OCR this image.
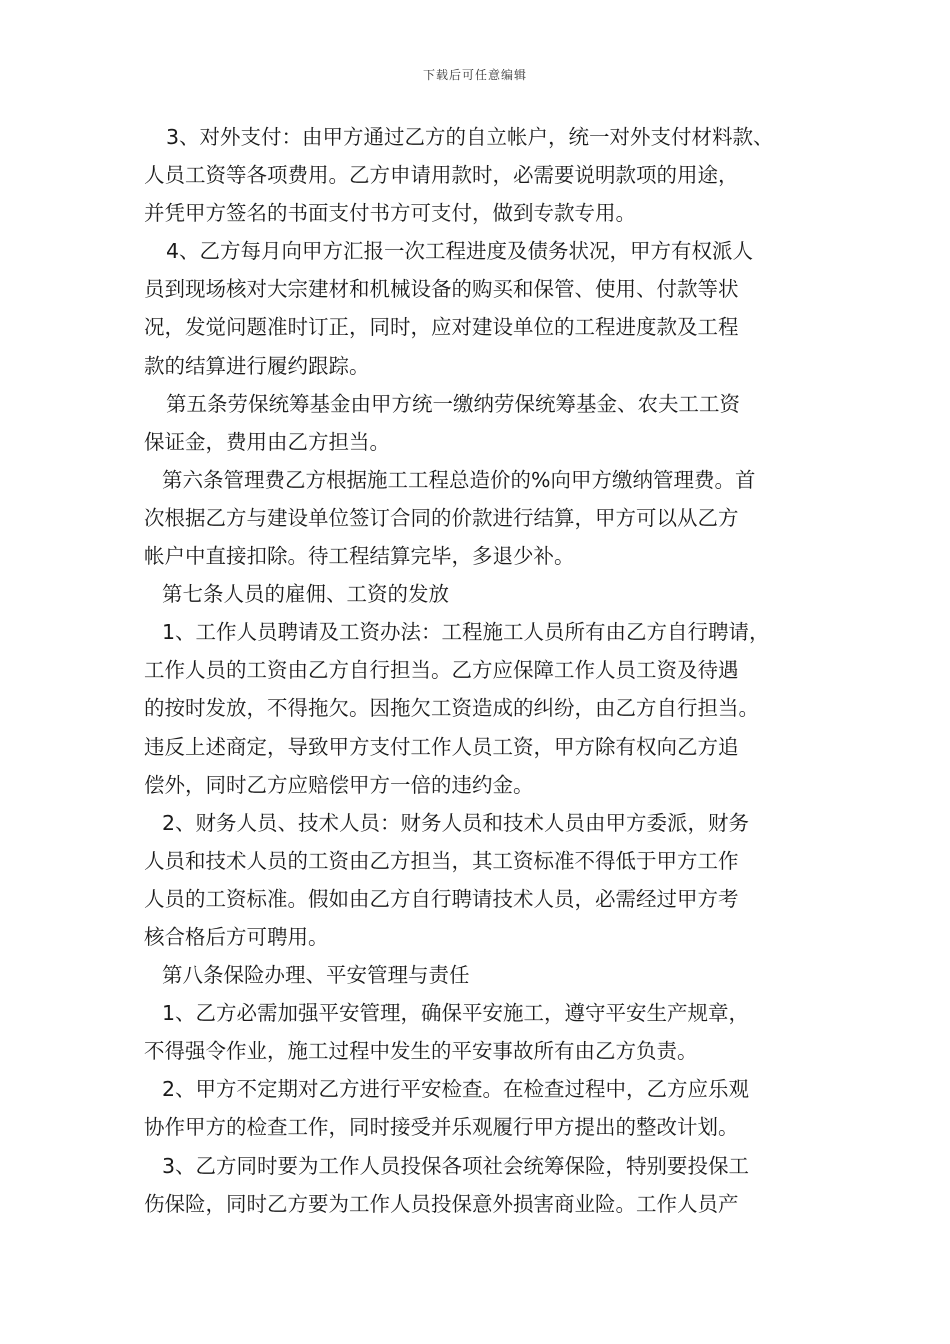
下载后可任意编辑
3、对外支付：由甲方通过乙方的自立帐户，统一对外支付材料款、
人员工资等各项费用。乙方申请用款时，必需要说明款项的用途，
并凭甲方签名的书面支付书方可支付，做到专款专用。
4、乙方每月向甲方汇报一次工程进度及债务状况，甲方有权派人
员到现场核对大宗建材和机械设备的购买和保管、使用、付款等状
况，发觉问题准时订正，同时，应对建设单位的工程进度款及工程
款的结算进行履约跟踪。
第五条劳保统筹基金由甲方统一缴纳劳保统筹基金、农夫工工资
保证金，费用由乙方担当。
第六条管理费乙方根据施工工程总造价的%向甲方缴纳管理费。首
次根据乙方与建设单位签订合同的价款进行结算，甲方可以从乙方
帐户中直接扣除。待工程结算完毕，多退少补。
第七条人员的雇佣、工资的发放
1、工作人员聘请及工资办法：工程施工人员所有由乙方自行聘请，
工作人员的工资由乙方自行担当。乙方应保障工作人员工资及待遇
的按时发放，不得拖欠。因拖欠工资造成的纠纷，由乙方自行担当。
违反上述商定，导致甲方支付工作人员工资，甲方除有权向乙方追
偿外，同时乙方应赔偿甲方一倍的违约金。
2、财务人员、技术人员：财务人员和技术人员由甲方委派，财务
人员和技术人员的工资由乙方担当，其工资标准不得低于甲方工作
人员的工资标准。假如由乙方自行聘请技术人员，必需经过甲方考
核合格后方可聘用。
第八条保险办理、平安管理与责任
1、乙方必需加强平安管理，确保平安施工，遵守平安生产规章，
不得强令作业，施工过程中发生的平安事故所有由乙方负责。
2、甲方不定期对乙方进行平安检查。在检查过程中，乙方应乐观
协作甲方的检查工作，同时接受并乐观履行甲方提出的整改计划。
3、乙方同时要为工作人员投保各项社会统筹保险，特别要投保工
伤保险，同时乙方要为工作人员投保意外损害商业险。工作人员产
